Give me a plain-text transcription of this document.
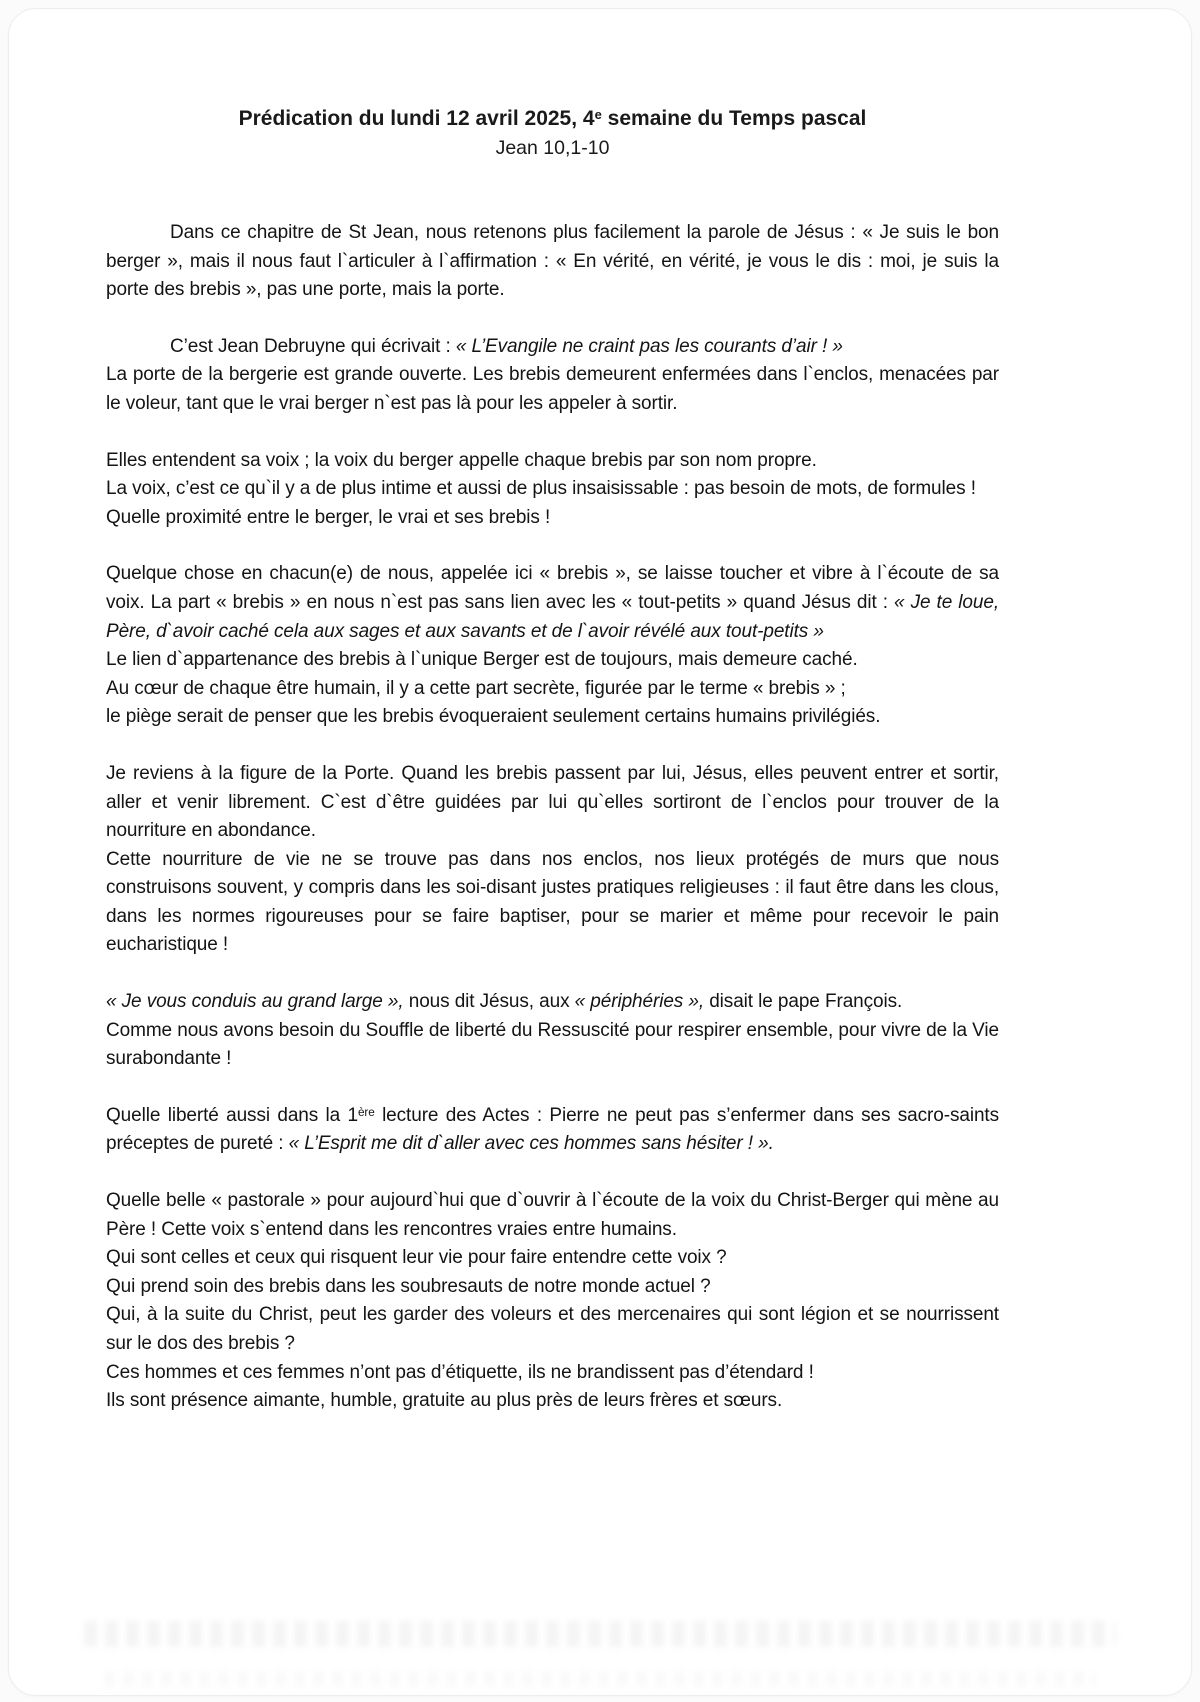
Prédication du lundi 12 avril 2025, 4e semaine du Temps pascal
Jean 10,1-10

Dans ce chapitre de St Jean, nous retenons plus facilement la parole de Jésus : « Je suis le bon berger », mais il nous faut l`articuler à l`affirmation : « En vérité, en vérité, je vous le dis : moi, je suis la porte des brebis », pas une porte, mais la porte.

C’est Jean Debruyne qui écrivait : « L’Evangile ne craint pas les courants d’air ! »
La porte de la bergerie est grande ouverte. Les brebis demeurent enfermées dans l`enclos, menacées par le voleur, tant que le vrai berger n`est pas là pour les appeler à sortir.

Elles entendent sa voix ; la voix du berger appelle chaque brebis par son nom propre.
La voix, c’est ce qu`il y a de plus intime et aussi de plus insaisissable : pas besoin de mots, de formules !
Quelle proximité entre le berger, le vrai et ses brebis !

Quelque chose en chacun(e) de nous, appelée ici « brebis », se laisse toucher et vibre à l`écoute de sa voix. La part « brebis » en nous n`est pas sans lien avec les « tout-petits » quand Jésus dit : « Je te loue, Père, d`avoir caché cela aux sages et aux savants et de l`avoir révélé aux tout-petits »
Le lien d`appartenance des brebis à l`unique Berger est de toujours, mais demeure caché.
Au cœur de chaque être humain, il y a cette part secrète, figurée par le terme « brebis » ;
le piège serait de penser que les brebis évoqueraient seulement certains humains privilégiés.

Je reviens à la figure de la Porte. Quand les brebis passent par lui, Jésus, elles peuvent entrer et sortir, aller et venir librement. C`est d`être guidées par lui qu`elles sortiront de l`enclos pour trouver de la nourriture en abondance.
Cette nourriture de vie ne se trouve pas dans nos enclos, nos lieux protégés de murs que nous construisons souvent, y compris dans les soi-disant justes pratiques religieuses : il faut être dans les clous, dans les normes rigoureuses pour se faire baptiser, pour se marier et même pour recevoir le pain eucharistique !

« Je vous conduis au grand large », nous dit Jésus, aux « périphéries », disait le pape François.
Comme nous avons besoin du Souffle de liberté du Ressuscité pour respirer ensemble, pour vivre de la Vie surabondante !

Quelle liberté aussi dans la 1ère lecture des Actes : Pierre ne peut pas s’enfermer dans ses sacro-saints préceptes de pureté : « L’Esprit me dit d`aller avec ces hommes sans hésiter ! ».

Quelle belle « pastorale » pour aujourd`hui que d`ouvrir à l`écoute de la voix du Christ-Berger qui mène au Père ! Cette voix s`entend dans les rencontres vraies entre humains.
Qui sont celles et ceux qui risquent leur vie pour faire entendre cette voix ?
Qui prend soin des brebis dans les soubresauts de notre monde actuel ?
Qui, à la suite du Christ, peut les garder des voleurs et des mercenaires qui sont légion et se nourrissent sur le dos des brebis ?
Ces hommes et ces femmes n’ont pas d’étiquette, ils ne brandissent pas d’étendard !
Ils sont présence aimante, humble, gratuite au plus près de leurs frères et sœurs.
